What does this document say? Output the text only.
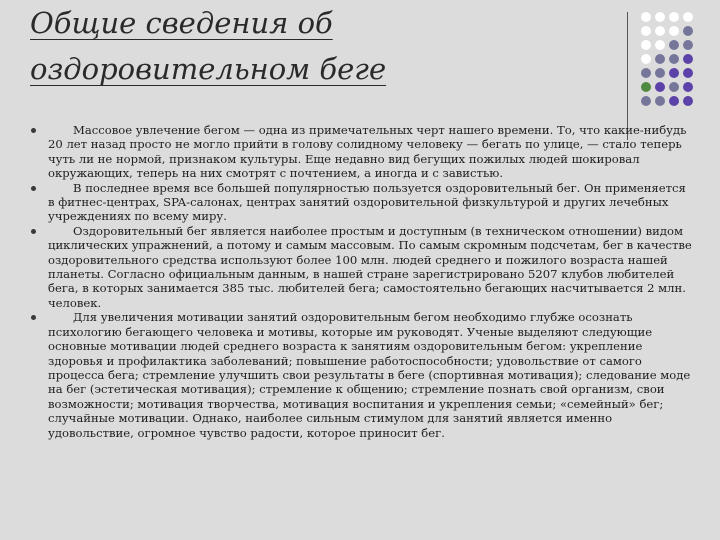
Общие сведения об
оздоровительном беге
Массовое увлечение бегом — одна из примечательных черт нашего времени. То, что какие-нибудь 20 лет назад просто не могло прийти в голову солидному человеку — бегать по улице, — стало теперь чуть ли не нормой, признаком культуры. Еще недавно вид бегущих пожилых людей шокировал окружающих, теперь на них смотрят с почтением, а иногда и с завистью.
В последнее время все большей популярностью пользуется оздоровительный бег. Он применяется в фитнес-центрах, SPA-салонах, центрах занятий оздоровительной физкультурой и других лечебных учреждениях по всему миру.
Оздоровительный бег является наиболее простым и доступным (в техническом отношении) видом циклических упражнений, а потому и самым массовым. По самым скромным подсчетам, бег в качестве оздоровительного средства используют более 100 млн. людей среднего и пожилого возраста нашей планеты. Согласно официальным данным, в нашей стране зарегистрировано 5207 клубов любителей бега, в которых занимается 385 тыс. любителей бега; самостоятельно бегающих насчитывается 2 млн. человек.
Для увеличения мотивации занятий оздоровительным бегом необходимо глубже осознать психологию бегающего человека и мотивы, которые им руководят. Ученые выделяют следующие основные мотивации людей среднего возраста к занятиям оздоровительным бегом: укрепление здоровья и профилактика заболеваний; повышение работоспособности; удовольствие от самого процесса бега; стремление улучшить свои результаты в беге (спортивная мотивация); следование моде на бег (эстетическая мотивация); стремление к общению; стремление познать свой организм, свои возможности; мотивация творчества, мотивация воспитания и укрепления семьи; «семейный» бег; случайные мотивации. Однако, наиболее сильным стимулом для занятий является именно удовольствие, огромное чувство радости, которое приносит бег.
